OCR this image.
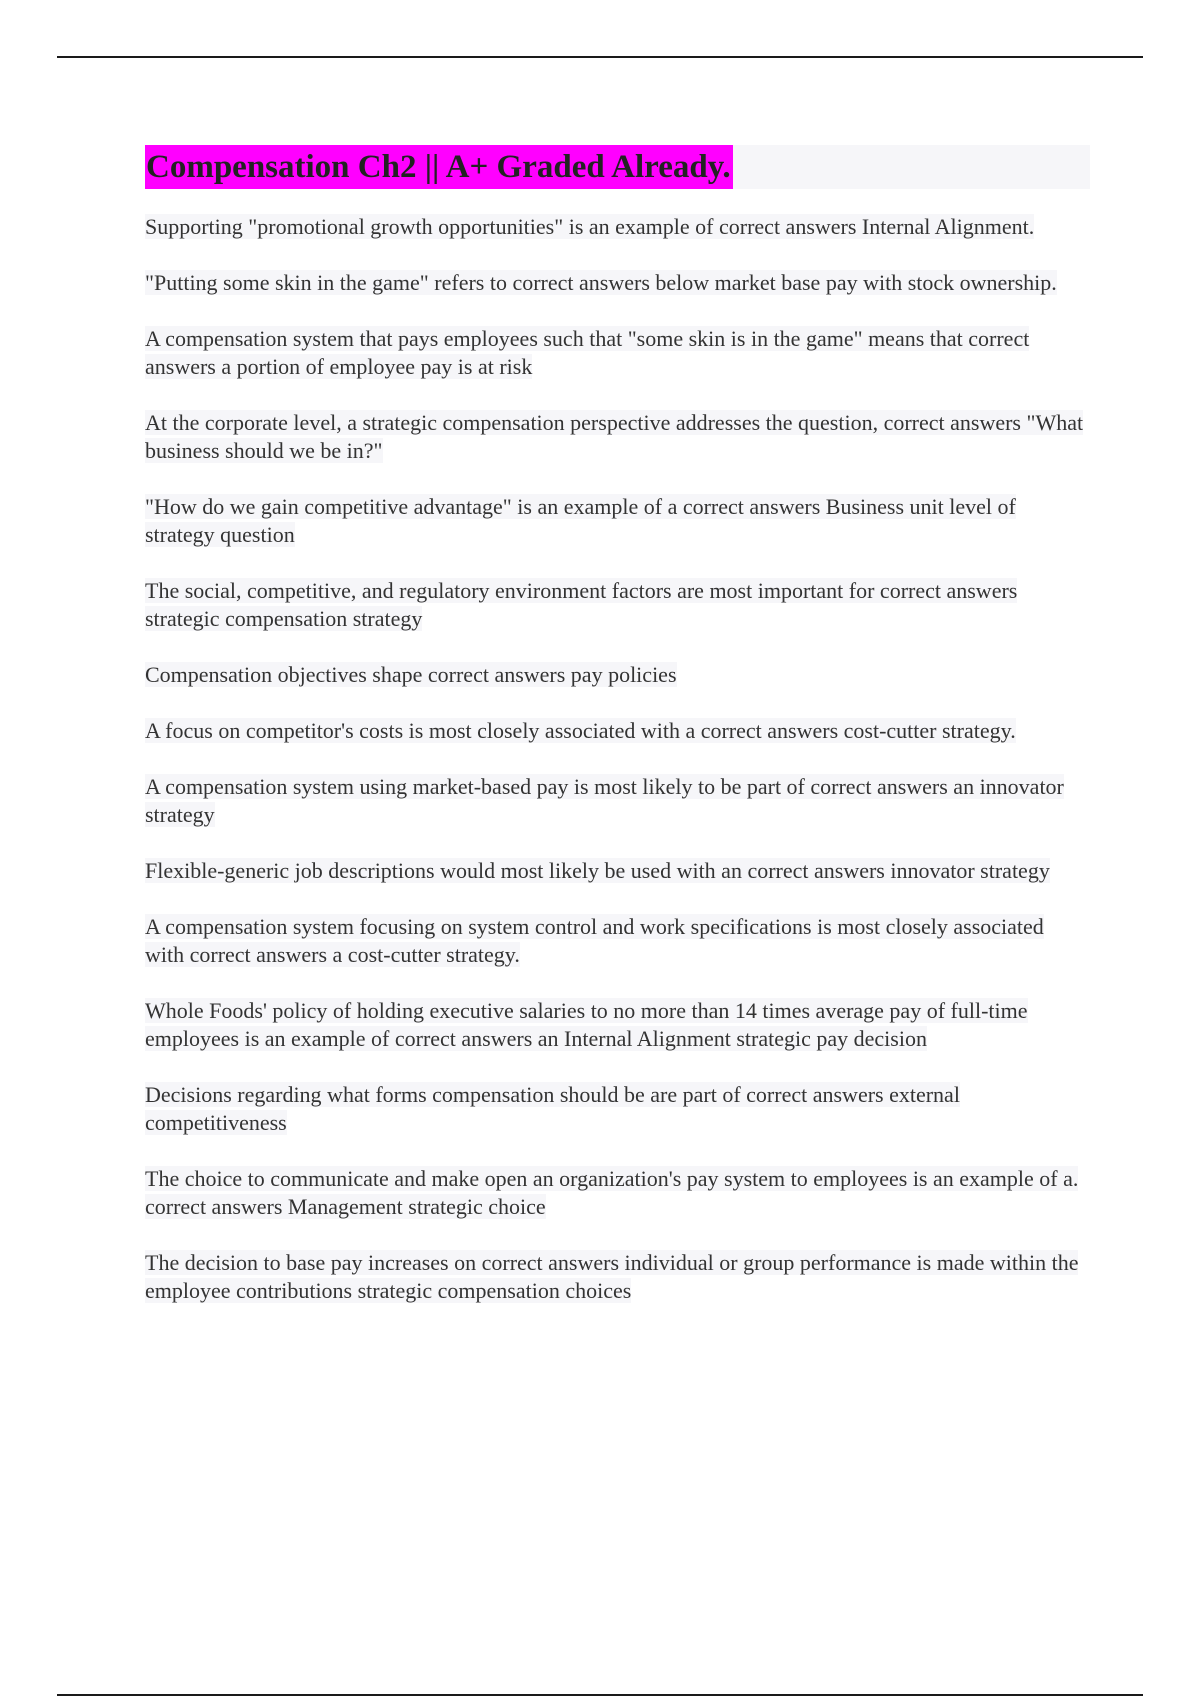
Compensation Ch2 || A+ Graded Already.
Supporting "promotional growth opportunities" is an example of correct answers Internal Alignment.
"Putting some skin in the game" refers to correct answers below market base pay with stock ownership.
A compensation system that pays employees such that "some skin is in the game" means that correct answers a portion of employee pay is at risk
At the corporate level, a strategic compensation perspective addresses the question, correct answers "What business should we be in?"
"How do we gain competitive advantage" is an example of a correct answers Business unit level of strategy question
The social, competitive, and regulatory environment factors are most important for correct answers strategic compensation strategy
Compensation objectives shape correct answers pay policies
A focus on competitor's costs is most closely associated with a correct answers cost-cutter strategy.
A compensation system using market-based pay is most likely to be part of correct answers an innovator strategy
Flexible-generic job descriptions would most likely be used with an correct answers innovator strategy
A compensation system focusing on system control and work specifications is most closely associated with correct answers a cost-cutter strategy.
Whole Foods' policy of holding executive salaries to no more than 14 times average pay of full-time employees is an example of correct answers an Internal Alignment strategic pay decision
Decisions regarding what forms compensation should be are part of correct answers external competitiveness
The choice to communicate and make open an organization's pay system to employees is an example of a. correct answers Management strategic choice
The decision to base pay increases on correct answers individual or group performance is made within the employee contributions strategic compensation choices
